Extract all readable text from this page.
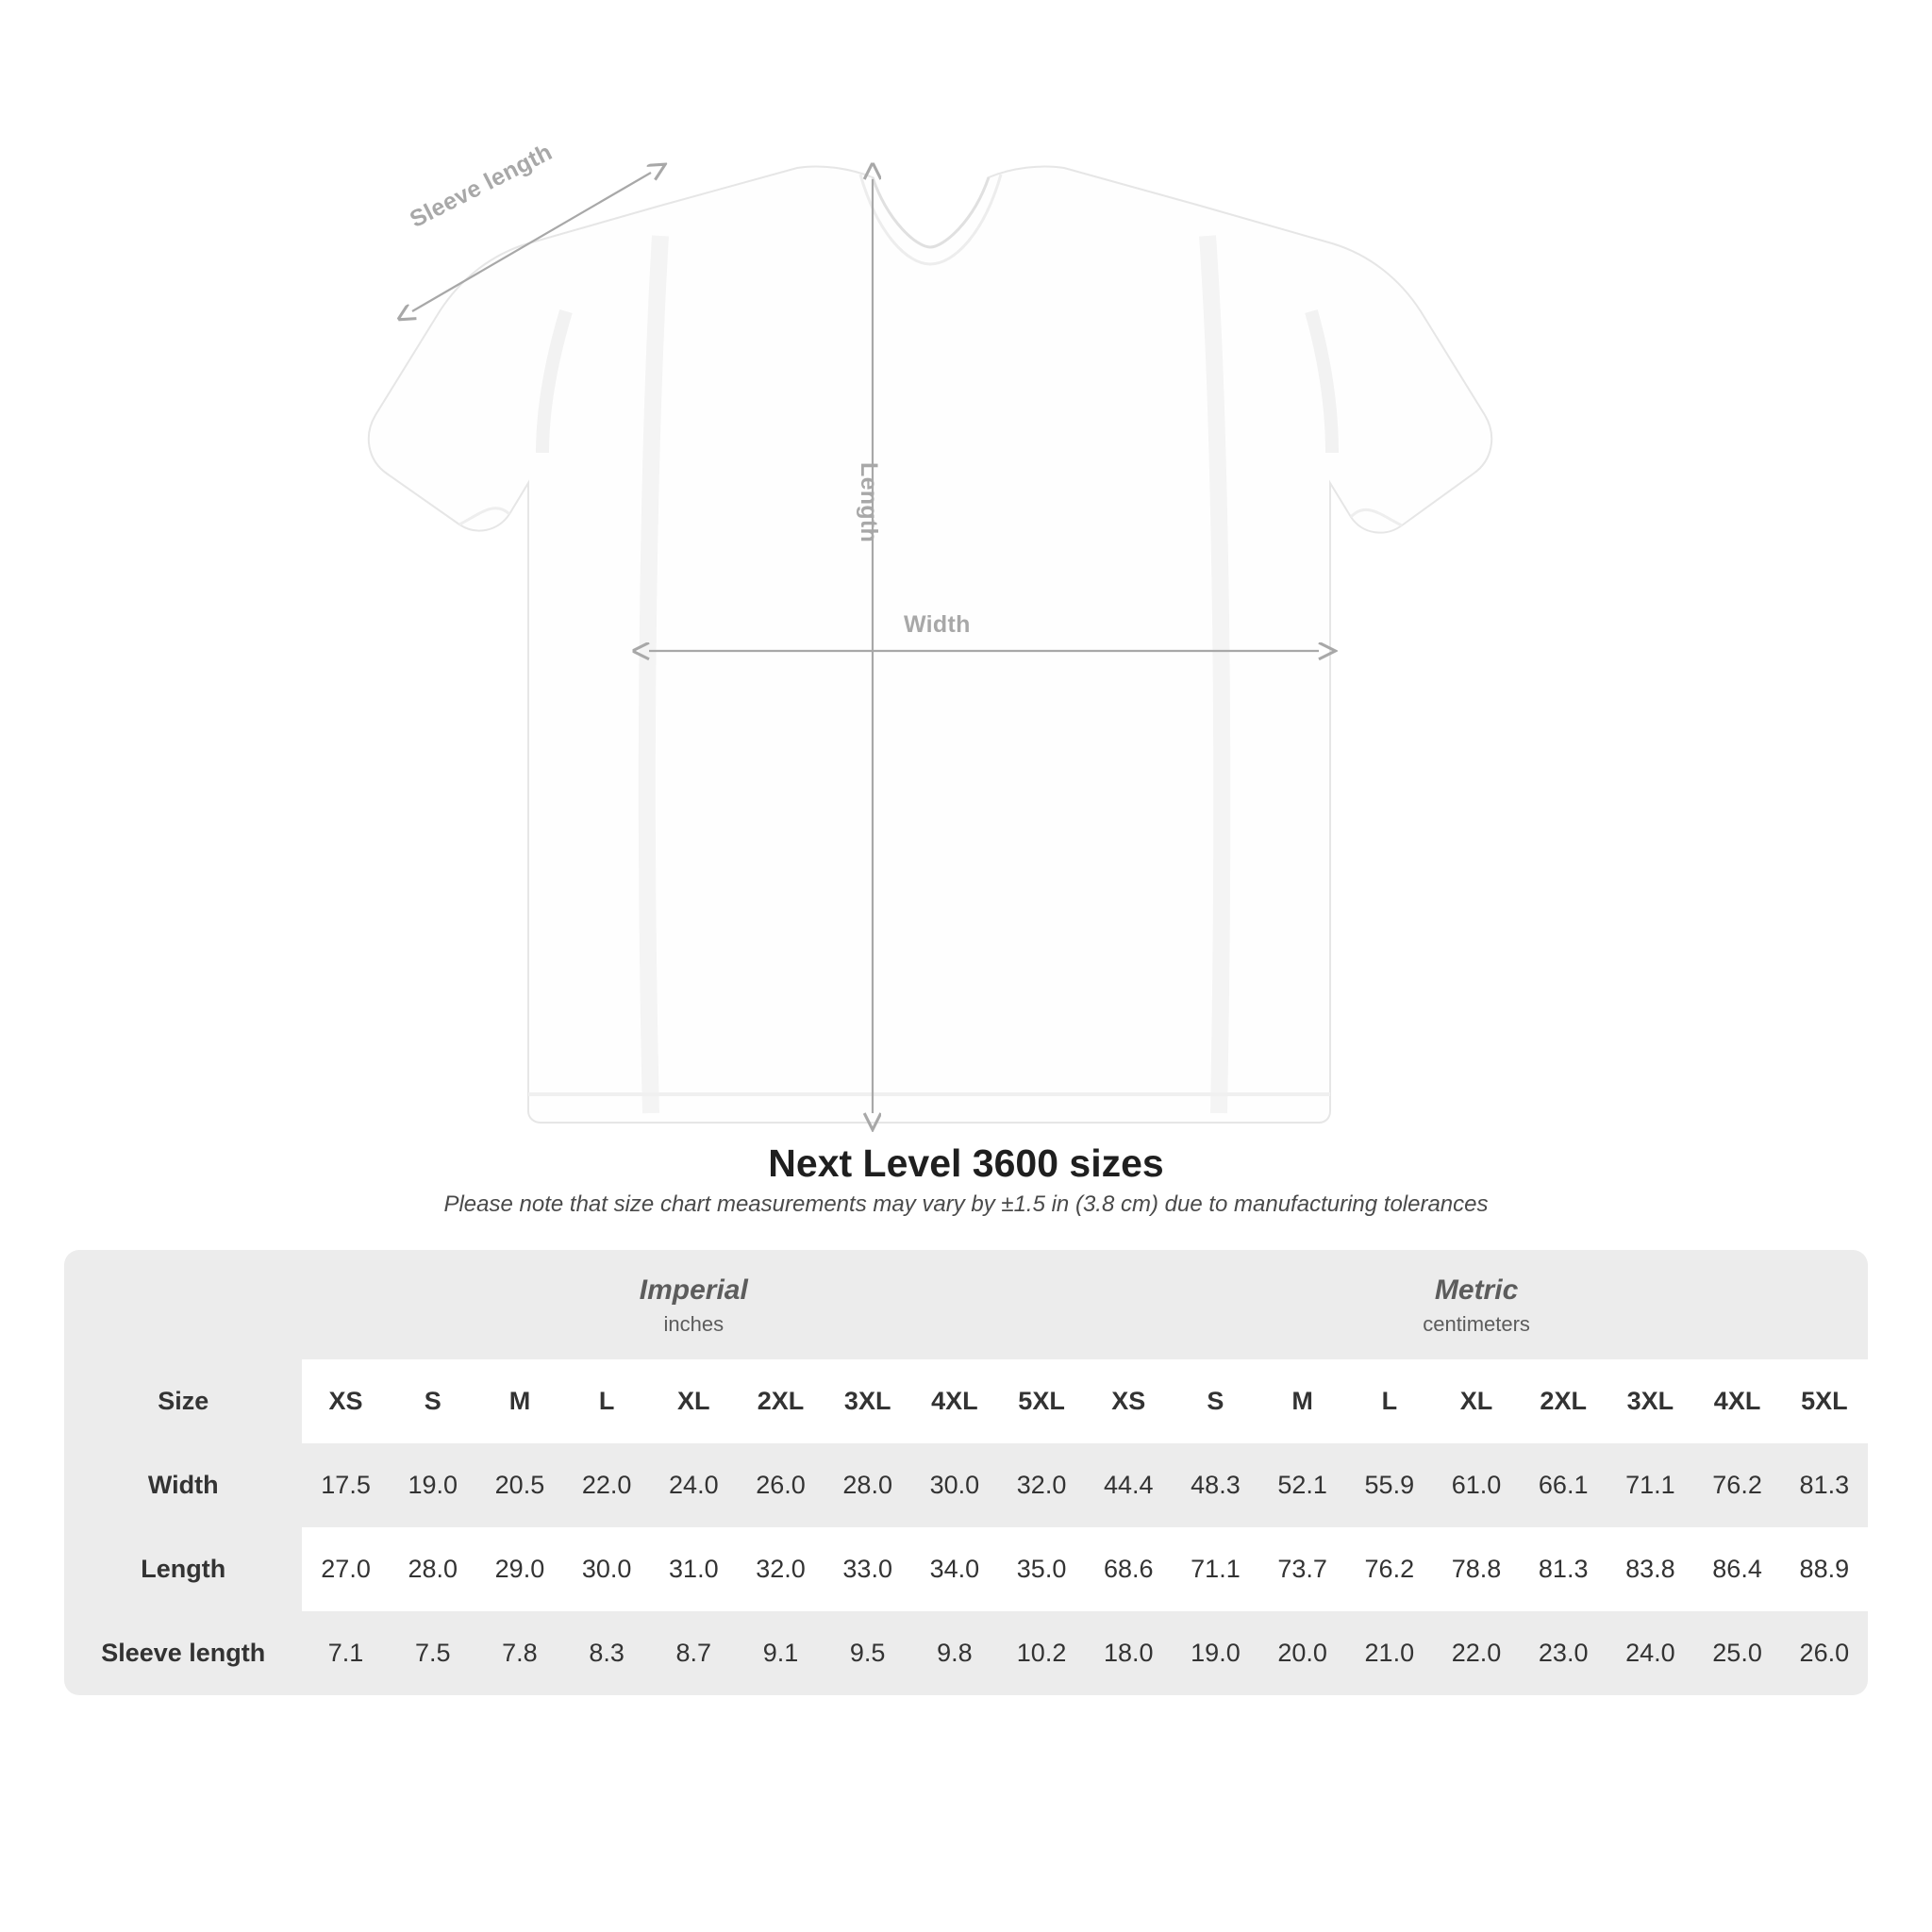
Sleeve length
Length
Width
Next Level 3600 sizes
Please note that size chart measurements may vary by ±1.5 in (3.8 cm) due to manufacturing tolerances
	Imperial
inches									Metric
centimeters								

Size	XS	S	M	L	XL	2XL	3XL	4XL	5XL	XS	S	M	L	XL	2XL	3XL	4XL	5XL
Width	17.5	19.0	20.5	22.0	24.0	26.0	28.0	30.0	32.0	44.4	48.3	52.1	55.9	61.0	66.1	71.1	76.2	81.3
Length	27.0	28.0	29.0	30.0	31.0	32.0	33.0	34.0	35.0	68.6	71.1	73.7	76.2	78.8	81.3	83.8	86.4	88.9
Sleeve length	7.1	7.5	7.8	8.3	8.7	9.1	9.5	9.8	10.2	18.0	19.0	20.0	21.0	22.0	23.0	24.0	25.0	26.0
